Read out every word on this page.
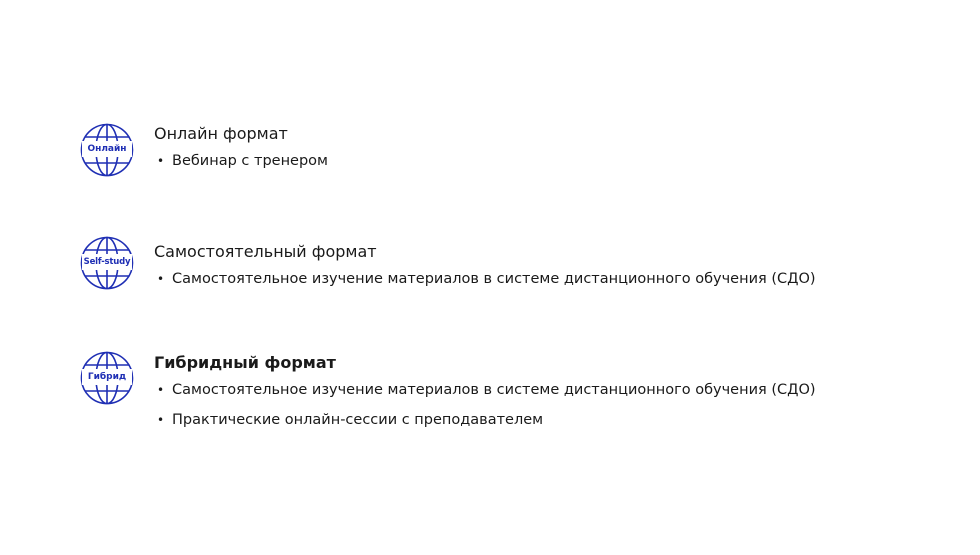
Онлайн
Онлайн формат
• Вебинар с тренером
Self-study
Самостоятельный формат
• Самостоятельное изучение материалов в системе дистанционного обучения (СДО)
Гибрид
Гибридный формат
• Самостоятельное изучение материалов в системе дистанционного обучения (СДО)
• Практические онлайн-сессии с преподавателем
